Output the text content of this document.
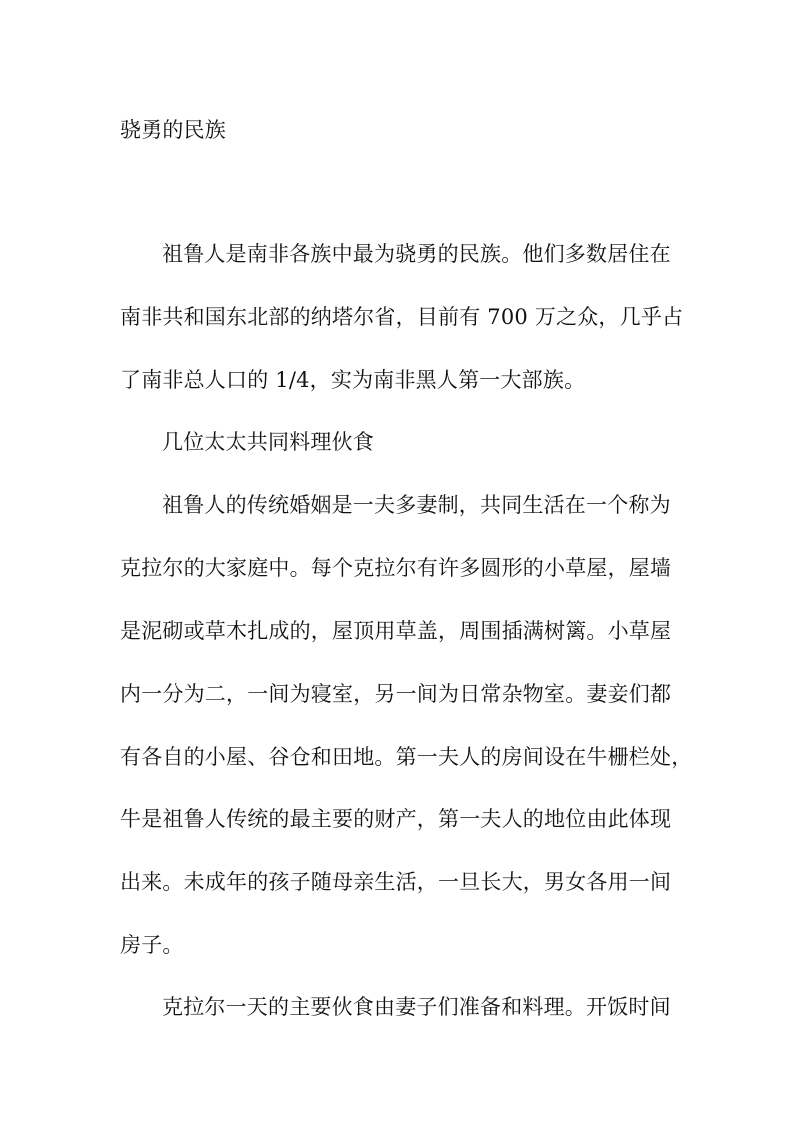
骁勇的民族
祖鲁人是南非各族中最为骁勇的民族。他们多数居住在
南非共和国东北部的纳塔尔省，目前有 700 万之众，几乎占
了南非总人口的 1/4，实为南非黑人第一大部族。
几位太太共同料理伙食
祖鲁人的传统婚姻是一夫多妻制，共同生活在一个称为
克拉尔的大家庭中。每个克拉尔有许多圆形的小草屋，屋墙
是泥砌或草木扎成的，屋顶用草盖，周围插满树篱。小草屋
内一分为二，一间为寝室，另一间为日常杂物室。妻妾们都
有各自的小屋、谷仓和田地。第一夫人的房间设在牛栅栏处，
牛是祖鲁人传统的最主要的财产，第一夫人的地位由此体现
出来。未成年的孩子随母亲生活，一旦长大，男女各用一间
房子。
克拉尔一天的主要伙食由妻子们准备和料理。开饭时间
